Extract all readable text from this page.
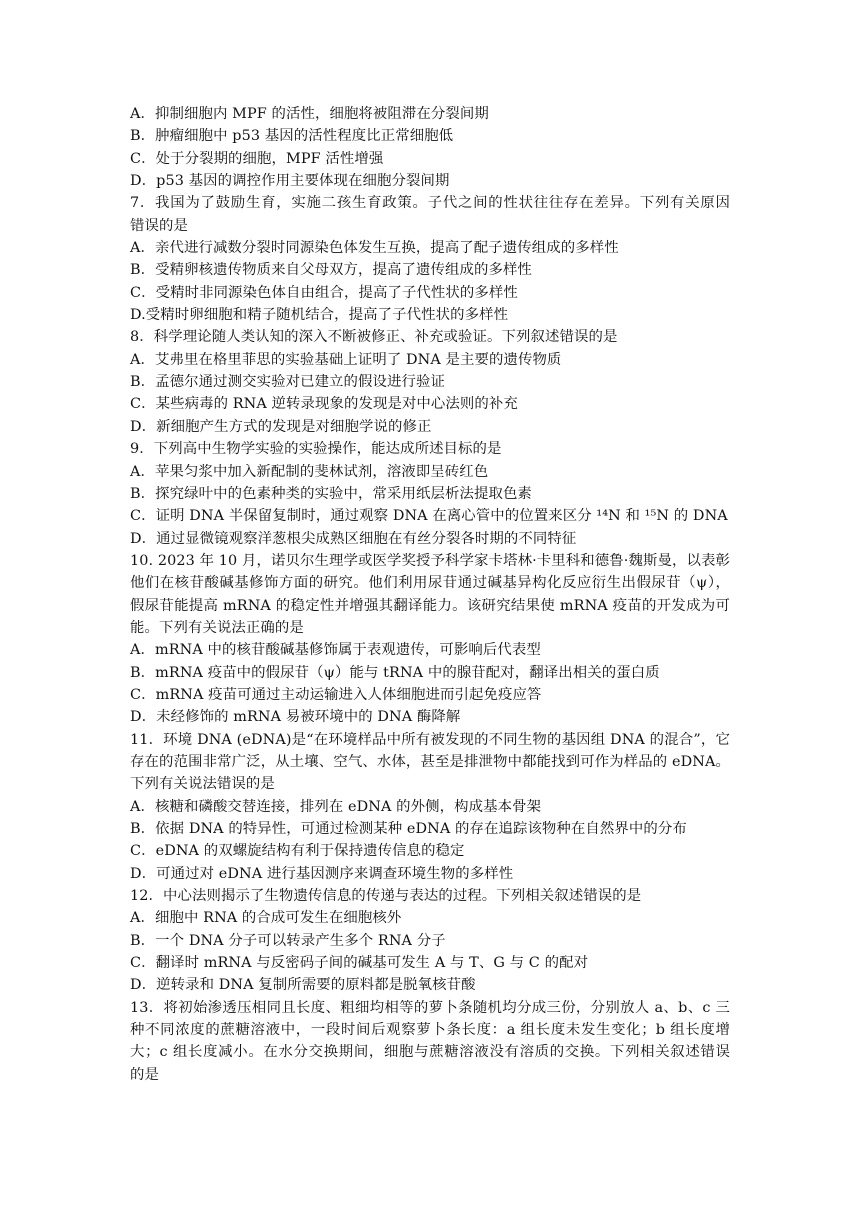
A．抑制细胞内 MPF 的活性，细胞将被阻滞在分裂间期
B．肿瘤细胞中 p53 基因的活性程度比正常细胞低
C．处于分裂期的细胞，MPF 活性增强
D．p53 基因的调控作用主要体现在细胞分裂间期
7．我国为了鼓励生育，实施二孩生育政策。子代之间的性状往往存在差异。下列有关原因
错误的是
A．亲代进行减数分裂时同源染色体发生互换，提高了配子遗传组成的多样性
B．受精卵核遗传物质来自父母双方，提高了遗传组成的多样性
C．受精时非同源染色体自由组合，提高了子代性状的多样性
D.受精时卵细胞和精子随机结合，提高了子代性状的多样性
8．科学理论随人类认知的深入不断被修正、补充或验证。下列叙述错误的是
A．艾弗里在格里菲思的实验基础上证明了 DNA 是主要的遗传物质
B．孟德尔通过测交实验对已建立的假设进行验证
C．某些病毒的 RNA 逆转录现象的发现是对中心法则的补充
D．新细胞产生方式的发现是对细胞学说的修正
9．下列高中生物学实验的实验操作，能达成所述目标的是
A．苹果匀浆中加入新配制的斐林试剂，溶液即呈砖红色
B．探究绿叶中的色素种类的实验中，常采用纸层析法提取色素
C．证明 DNA 半保留复制时，通过观察 DNA 在离心管中的位置来区分 ¹⁴N 和 ¹⁵N 的 DNA
D．通过显微镜观察洋葱根尖成熟区细胞在有丝分裂各时期的不同特征
10. 2023 年 10 月，诺贝尔生理学或医学奖授予科学家卡塔林·卡里科和德鲁·魏斯曼，以表彰
他们在核苷酸碱基修饰方面的研究。他们利用尿苷通过碱基异构化反应衍生出假尿苷（ψ），
假尿苷能提高 mRNA 的稳定性并增强其翻译能力。该研究结果使 mRNA 疫苗的开发成为可
能。下列有关说法正确的是
A．mRNA 中的核苷酸碱基修饰属于表观遗传，可影响后代表型
B．mRNA 疫苗中的假尿苷（ψ）能与 tRNA 中的腺苷配对，翻译出相关的蛋白质
C．mRNA 疫苗可通过主动运输进入人体细胞进而引起免疫应答
D．未经修饰的 mRNA 易被环境中的 DNA 酶降解
11．环境 DNA (eDNA)是“在环境样品中所有被发现的不同生物的基因组 DNA 的混合”，它
存在的范围非常广泛，从土壤、空气、水体，甚至是排泄物中都能找到可作为样品的 eDNA。
下列有关说法错误的是
A．核糖和磷酸交替连接，排列在 eDNA 的外侧，构成基本骨架
B．依据 DNA 的特异性，可通过检测某种 eDNA 的存在追踪该物种在自然界中的分布
C．eDNA 的双螺旋结构有利于保持遗传信息的稳定
D．可通过对 eDNA 进行基因测序来调查环境生物的多样性
12．中心法则揭示了生物遗传信息的传递与表达的过程。下列相关叙述错误的是
A．细胞中 RNA 的合成可发生在细胞核外
B．一个 DNA 分子可以转录产生多个 RNA 分子
C．翻译时 mRNA 与反密码子间的碱基可发生 A 与 T、G 与 C 的配对
D．逆转录和 DNA 复制所需要的原料都是脱氧核苷酸
13．将初始渗透压相同且长度、粗细均相等的萝卜条随机均分成三份，分别放人 a、b、c 三
种不同浓度的蔗糖溶液中，一段时间后观察萝卜条长度：a 组长度未发生变化；b 组长度增
大；c 组长度减小。在水分交换期间，细胞与蔗糖溶液没有溶质的交换。下列相关叙述错误
的是
